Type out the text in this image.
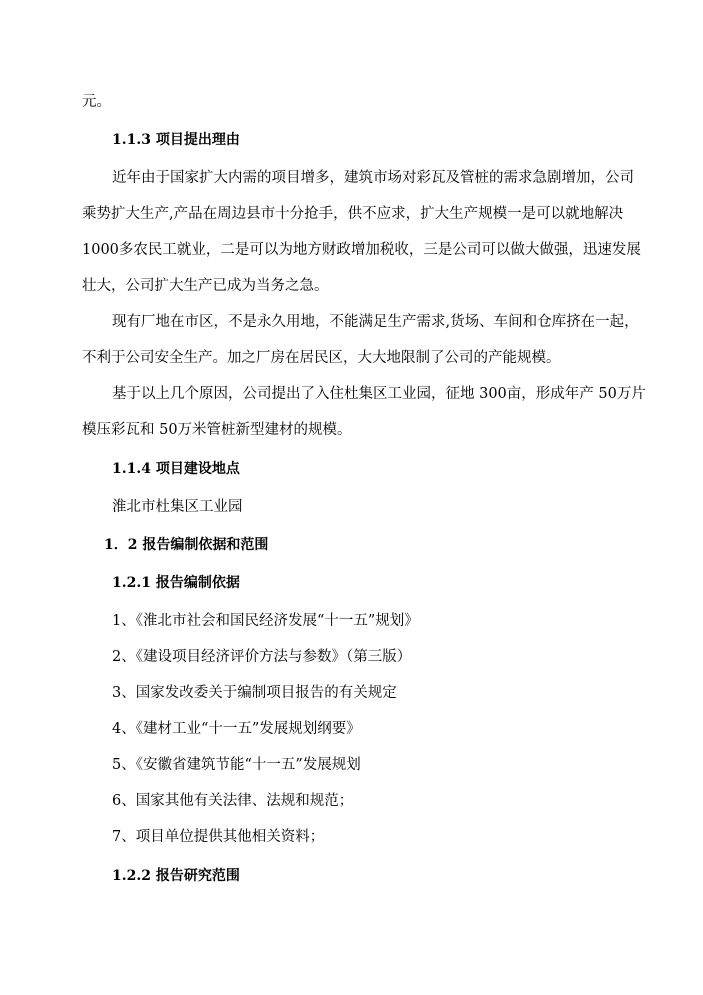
元。
1.1.3 项目提出理由
近年由于国家扩大内需的项目增多，建筑市场对彩瓦及管桩的需求急剧增加，公司
乘势扩大生产,产品在周边县市十分抢手，供不应求，扩大生产规模一是可以就地解决
1000多农民工就业，二是可以为地方财政增加税收，三是公司可以做大做强，迅速发展
壮大，公司扩大生产已成为当务之急。
现有厂地在市区，不是永久用地，不能满足生产需求,货场、车间和仓库挤在一起，
不利于公司安全生产。加之厂房在居民区，大大地限制了公司的产能规模。
基于以上几个原因，公司提出了入住杜集区工业园，征地 300亩，形成年产 50万片
模压彩瓦和 50万米管桩新型建材的规模。
1.1.4 项目建设地点
淮北市杜集区工业园
1．2 报告编制依据和范围
1.2.1 报告编制依据
1、《淮北市社会和国民经济发展“十一五”规划》
2、《建设项目经济评价方法与参数》（第三版）
3、国家发改委关于编制项目报告的有关规定
4、《建材工业“十一五”发展规划纲要》
5、《安徽省建筑节能“十一五”发展规划
6、国家其他有关法律、法规和规范；
7、项目单位提供其他相关资料；
1.2.2 报告研究范围
